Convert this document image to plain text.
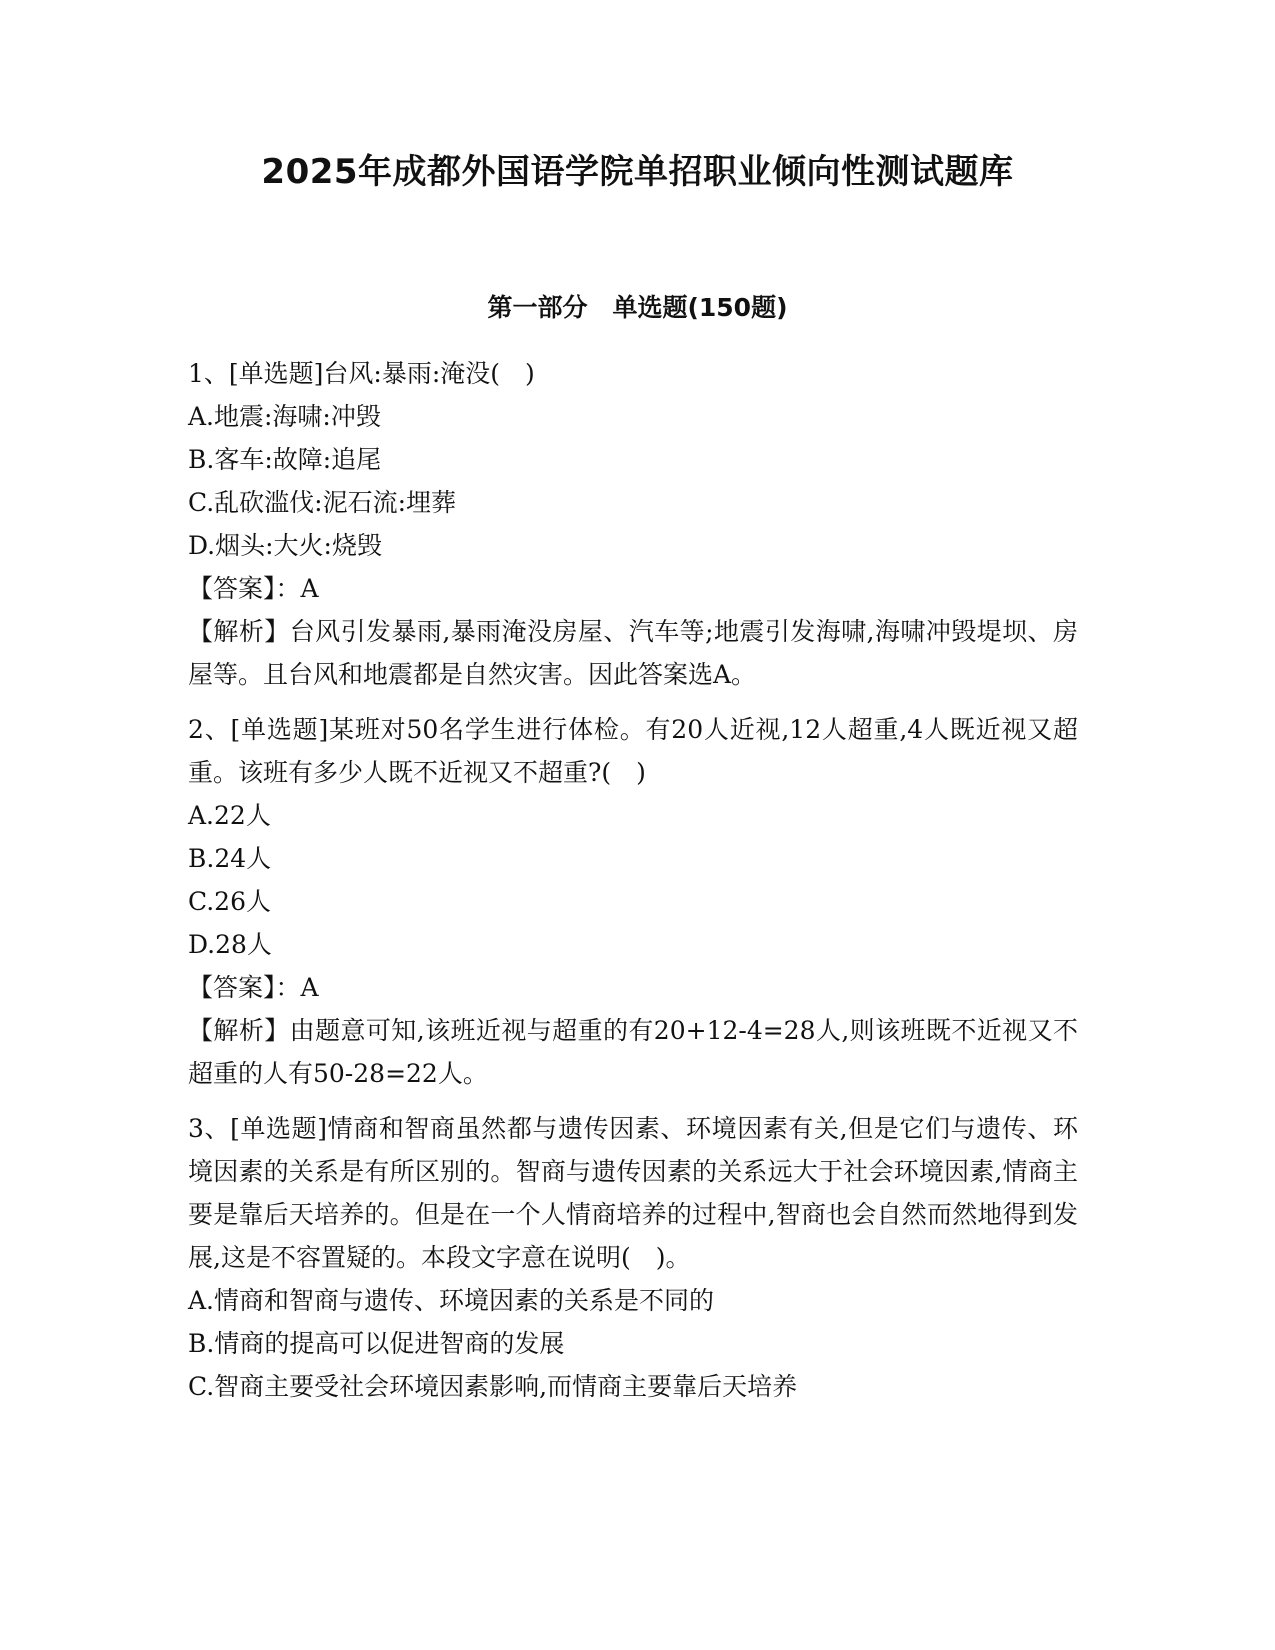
2025年成都外国语学院单招职业倾向性测试题库
第一部分　单选题(150题)

1、[单选题]台风:暴雨:淹没(　)

A.地震:海啸:冲毁

B.客车:故障:追尾

C.乱砍滥伐:泥石流:埋葬

D.烟头:大火:烧毁

【答案】：A

【解析】台风引发暴雨,暴雨淹没房屋、汽车等;地震引发海啸,海啸冲毁堤坝、房屋等。且台风和地震都是自然灾害。因此答案选A。

2、[单选题]某班对50名学生进行体检。有20人近视,12人超重,4人既近视又超重。该班有多少人既不近视又不超重?(　)

A.22人

B.24人

C.26人

D.28人

【答案】：A

【解析】由题意可知,该班近视与超重的有20+12-4=28人,则该班既不近视又不超重的人有50-28=22人。

3、[单选题]情商和智商虽然都与遗传因素、环境因素有关,但是它们与遗传、环境因素的关系是有所区别的。智商与遗传因素的关系远大于社会环境因素,情商主要是靠后天培养的。但是在一个人情商培养的过程中,智商也会自然而然地得到发展,这是不容置疑的。本段文字意在说明(　)。

A.情商和智商与遗传、环境因素的关系是不同的

B.情商的提高可以促进智商的发展

C.智商主要受社会环境因素影响,而情商主要靠后天培养
